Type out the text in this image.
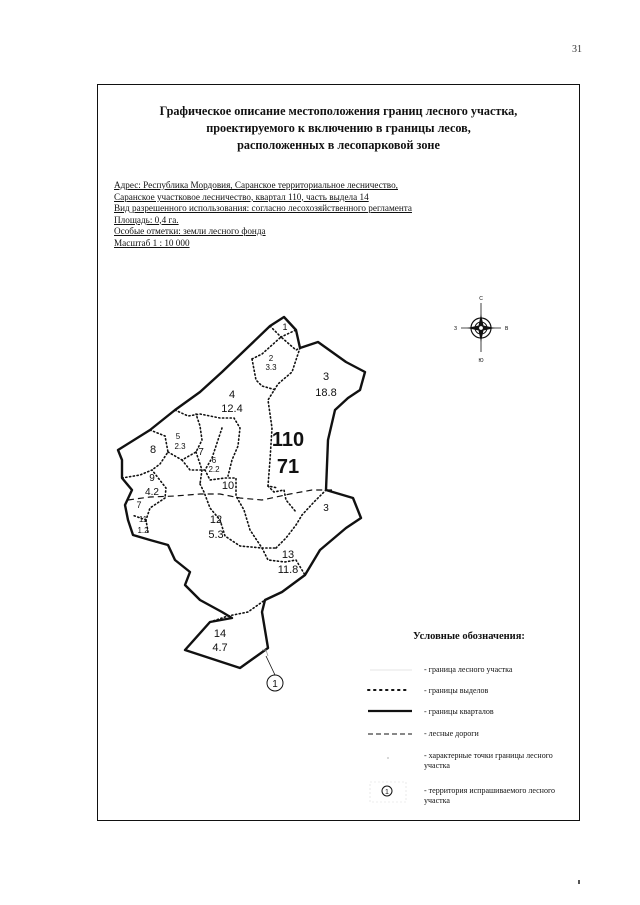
31
Графическое описание местоположения границ лесного участка,
проектируемого к включению в границы лесов,
расположенных в лесопарковой зоне
Адрес: Республика Мордовия, Саранское территориальное лесничество,
Саранское участковое лесничество, квартал 110, часть выдела 14
Вид разрешенного использования: согласно лесохозяйственного регламента
Площадь: 0,4 га.
Особые отметки: земли лесного фонда
Масштаб 1 : 10 000
С
Ю
З	В
110
71
1
2
3.3
3
18.8
4
12.4
5
2.3
6
2.2
7
8
9
4.2
10
11
1.2
12
5.3
13
11.8
14
4.7
3
7
1
1
Условные обозначения:
- граница лесного участка
- границы выделов
- границы кварталов
- лесные дороги
- характерные точки границы лесного участка
- территория испрашиваемого лесного участка
